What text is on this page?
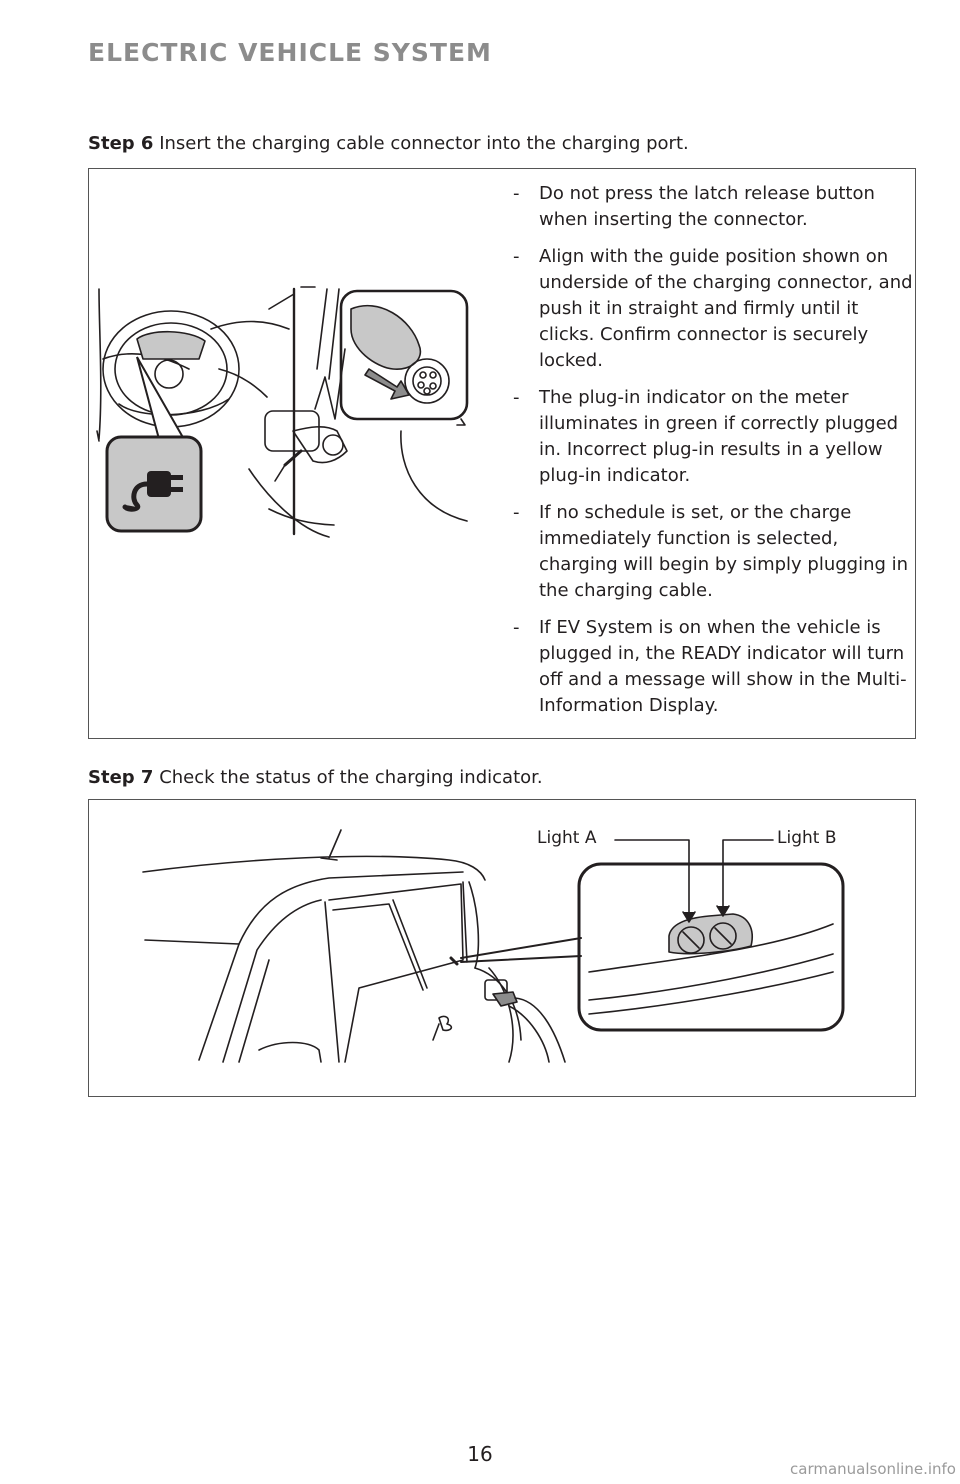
ELECTRIC VEHICLE SYSTEM
Step 6 Insert the charging cable connector into the charging port.
- Do not press the latch release button when inserting the connector.
- Align with the guide position shown on underside of the charging connector, and push it in straight and firmly until it clicks. Confirm connector is securely locked.
- The plug-in indicator on the meter illuminates in green if correctly plugged in. Incorrect plug-in results in a yellow plug-in indicator.
- If no schedule is set, or the charge immediately function is selected, charging will begin by simply plugging in the charging cable.
- If EV System is on when the vehicle is plugged in, the READY indicator will turn off and a message will show in the Multi-Information Display.
Step 7 Check the status of the charging indicator.
Light A	Light B
16
carmanualsonline.info
